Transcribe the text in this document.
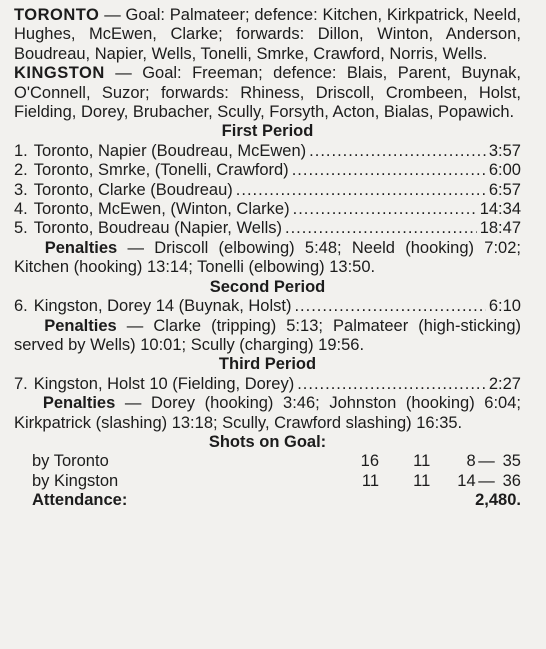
TORONTO — Goal: Palmateer; defence: Kitchen, Kirkpatrick, Neeld, Hughes, McEwen, Clarke; forwards: Dillon, Winton, Anderson, Boudreau, Napier, Wells, Tonelli, Smrke, Crawford, Norris, Wells.

KINGSTON — Goal: Freeman; defence: Blais, Parent, Buynak, O'Connell, Suzor; forwards: Rhiness, Driscoll, Crombeen, Holst, Fielding, Dorey, Brubacher, Scully, Forsyth, Acton, Bialas, Popawich.

First Period

1. Toronto, Napier (Boudreau, McEwen) .....	3:57
2. Toronto, Smrke, (Tonelli, Crawford) .....	6:00
3. Toronto, Clarke (Boudreau) .....	6:57
4. Toronto, McEwen, (Winton, Clarke) .....	14:34
5. Toronto, Boudreau (Napier, Wells) .....	18:47

Penalties — Driscoll (elbowing) 5:48; Neeld (hooking) 7:02; Kitchen (hooking) 13:14; Tonelli (elbowing) 13:50.

Second Period

6. Kingston, Dorey 14 (Buynak, Holst) .....	6:10

Penalties — Clarke (tripping) 5:13; Palmateer (high-sticking) served by Wells) 10:01; Scully (charging) 19:56.

Third Period

7. Kingston, Holst 10 (Fielding, Dorey) .....	2:27

Penalties — Dorey (hooking) 3:46; Johnston (hooking) 6:04; Kirkpatrick (slashing) 13:18; Scully, Crawford slashing) 16:35.

Shots on Goal:

by Toronto	16	11	8 — 35
by Kingston	11	11	14 — 36
Attendance:	2,480.
